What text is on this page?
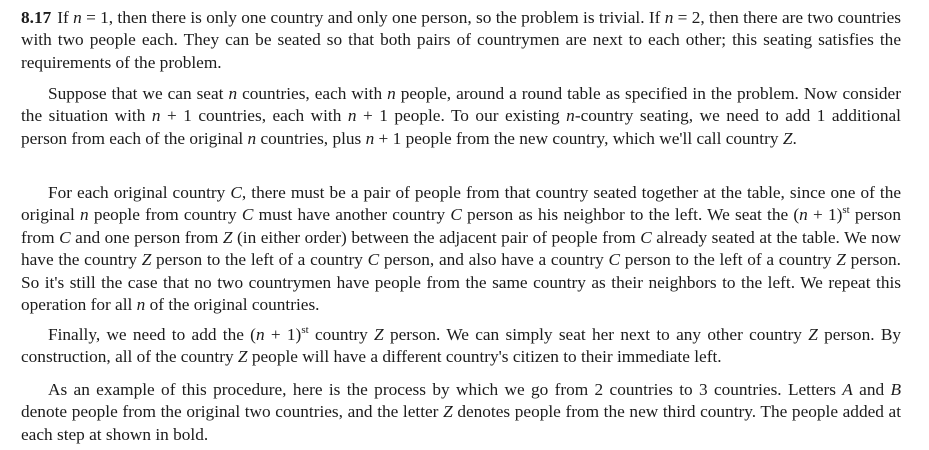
8.17 If n = 1, then there is only one country and only one person, so the problem is trivial. If n = 2, then there are two countries with two people each. They can be seated so that both pairs of countrymen are next to each other; this seating satisfies the requirements of the problem.

Suppose that we can seat n countries, each with n people, around a round table as specified in the problem. Now consider the situation with n + 1 countries, each with n + 1 people. To our existing n-country seating, we need to add 1 additional person from each of the original n countries, plus n + 1 people from the new country, which we'll call country Z.

For each original country C, there must be a pair of people from that country seated together at the table, since one of the original n people from country C must have another country C person as his neighbor to the left. We seat the $(n + 1)^{st}$ person from C and one person from Z (in either order) between the adjacent pair of people from C already seated at the table. We now have the country Z person to the left of a country C person, and also have a country C person to the left of a country Z person. So it's still the case that no two countrymen have people from the same country as their neighbors to the left. We repeat this operation for all n of the original countries.

Finally, we need to add the $(n + 1)^{st}$ country Z person. We can simply seat her next to any other country Z person. By construction, all of the country Z people will have a different country's citizen to their immediate left.

As an example of this procedure, here is the process by which we go from 2 countries to 3 countries. Letters A and B denote people from the original two countries, and the letter Z denotes people from the new third country. The people added at each step at shown in bold.
